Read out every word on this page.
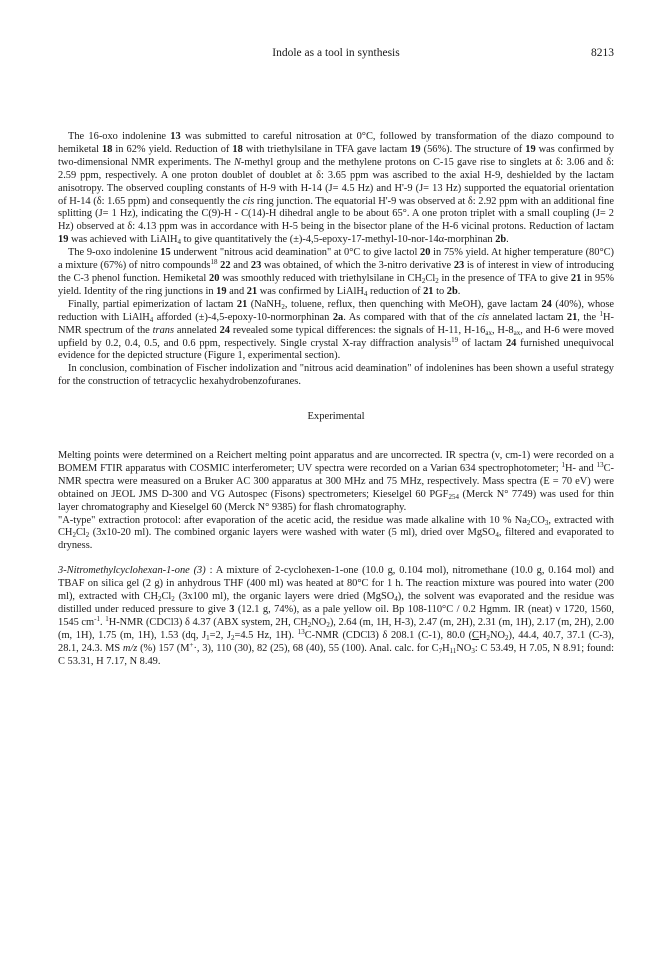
Indole as a tool in synthesis	8213

The 16-oxo indolenine 13 was submitted to careful nitrosation at 0°C, followed by transformation of the diazo compound to hemiketal 18 in 62% yield. Reduction of 18 with triethylsilane in TFA gave lactam 19 (56%). The structure of 19 was confirmed by two-dimensional NMR experiments. The N-methyl group and the methylene protons on C-15 gave rise to singlets at δ: 3.06 and δ: 2.59 ppm, respectively. A one proton doublet of doublet at δ: 3.65 ppm was ascribed to the axial H-9, deshielded by the lactam anisotropy. The observed coupling constants of H-9 with H-14 (J= 4.5 Hz) and H'-9 (J= 13 Hz) supported the equatorial orientation of H-14 (δ: 1.65 ppm) and consequently the cis ring junction. The equatorial H'-9 was observed at δ: 2.92 ppm with an additional fine splitting (J= 1 Hz), indicating the C(9)-H - C(14)-H dihedral angle to be about 65°. A one proton triplet with a small coupling (J= 2 Hz) observed at δ: 4.13 ppm was in accordance with H-5 being in the bisector plane of the H-6 vicinal protons. Reduction of lactam 19 was achieved with LiAlH$_4$ to give quantitatively the (±)-4,5-epoxy-17-methyl-10-nor-14α-morphinan 2b.

The 9-oxo indolenine 15 underwent "nitrous acid deamination" at 0°C to give lactol 20 in 75% yield. At higher temperature (80°C) a mixture (67%) of nitro compounds$^{18}$ 22 and 23 was obtained, of which the 3-nitro derivative 23 is of interest in view of introducing the C-3 phenol function. Hemiketal 20 was smoothly reduced with triethylsilane in $CH_2Cl_2$ in the presence of TFA to give 21 in 95% yield. Identity of the ring junctions in 19 and 21 was confirmed by LiAlH$_4$ reduction of 21 to 2b.

Finally, partial epimerization of lactam 21 (NaNH$_2$, toluene, reflux, then quenching with MeOH), gave lactam 24 (40%), whose reduction with LiAlH$_4$ afforded (±)-4,5-epoxy-10-normorphinan 2a. As compared with that of the cis annelated lactam 21, the $^1$H-NMR spectrum of the trans annelated 24 revealed some typical differences: the signals of H-11, $H-16_{ax}$, $H-8_{ax}$, and H-6 were moved upfield by 0.2, 0.4, 0.5, and 0.6 ppm, respectively. Single crystal X-ray diffraction analysis$^{19}$ of lactam 24 furnished unequivocal evidence for the depicted structure (Figure 1, experimental section).

In conclusion, combination of Fischer indolization and "nitrous acid deamination" of indolenines has been shown a useful strategy for the construction of tetracyclic hexahydrobenzofuranes.

Experimental

Melting points were determined on a Reichert melting point apparatus and are uncorrected. IR spectra (ν, cm-1) were recorded on a BOMEM FTIR apparatus with COSMIC interferometer; UV spectra were recorded on a Varian 634 spectrophotometer; $^1$H- and $^{13}$C-NMR spectra were measured on a Bruker AC 300 apparatus at 300 MHz and 75 MHz, respectively. Mass spectra (E = 70 eV) were obtained on JEOL JMS D-300 and VG Autospec (Fisons) spectrometers; Kieselgel 60 $PGF_{254}$ (Merck N° 7749) was used for thin layer chromatography and Kieselgel 60 (Merck N° 9385) for flash chromatography.

"A-type" extraction protocol: after evaporation of the acetic acid, the residue was made alkaline with 10 % $Na_2CO_3$, extracted with $CH_2Cl_2$ (3x10-20 ml). The combined organic layers were washed with water (5 ml), dried over MgSO$_4$, filtered and evaporated to dryness.

3-Nitromethylcyclohexan-1-one (3) : A mixture of 2-cyclohexen-1-one (10.0 g, 0.104 mol), nitromethane (10.0 g, 0.164 mol) and TBAF on silica gel (2 g) in anhydrous THF (400 ml) was heated at 80°C for 1 h. The reaction mixture was poured into water (200 ml), extracted with $CH_2Cl_2$ (3x100 ml), the organic layers were dried (MgSO$_4$), the solvent was evaporated and the residue was distilled under reduced pressure to give 3 (12.1 g, 74%), as a pale yellow oil. Bp 108-110°C / 0.2 Hgmm. IR (neat) ν 1720, 1560, 1545 $cm^{-1}$. $^1$H-NMR (CDCl3) δ 4.37 (ABX system, 2H, $CH_2NO_2$), 2.64 (m, 1H, H-3), 2.47 (m, 2H), 2.31 (m, 1H), 2.17 (m, 2H), 2.00 (m, 1H), 1.75 (m, 1H), 1.53 (dq, $J_1=2$, $J_2=4.5$ Hz, 1H). $^{13}$C-NMR (CDCl3) δ 208.1 (C-1), 80.0 $(CH_2NO_2)$, 44.4, 40.7, 37.1 (C-3), 28.1, 24.3. MS m/z (%) 157 (M+·, 3), 110 (30), 82 (25), 68 (40), 55 (100). Anal. calc. for $C_7H_{11}NO_3$: C 53.49, H 7.05, N 8.91; found: C 53.31, H 7.17, N 8.49.
